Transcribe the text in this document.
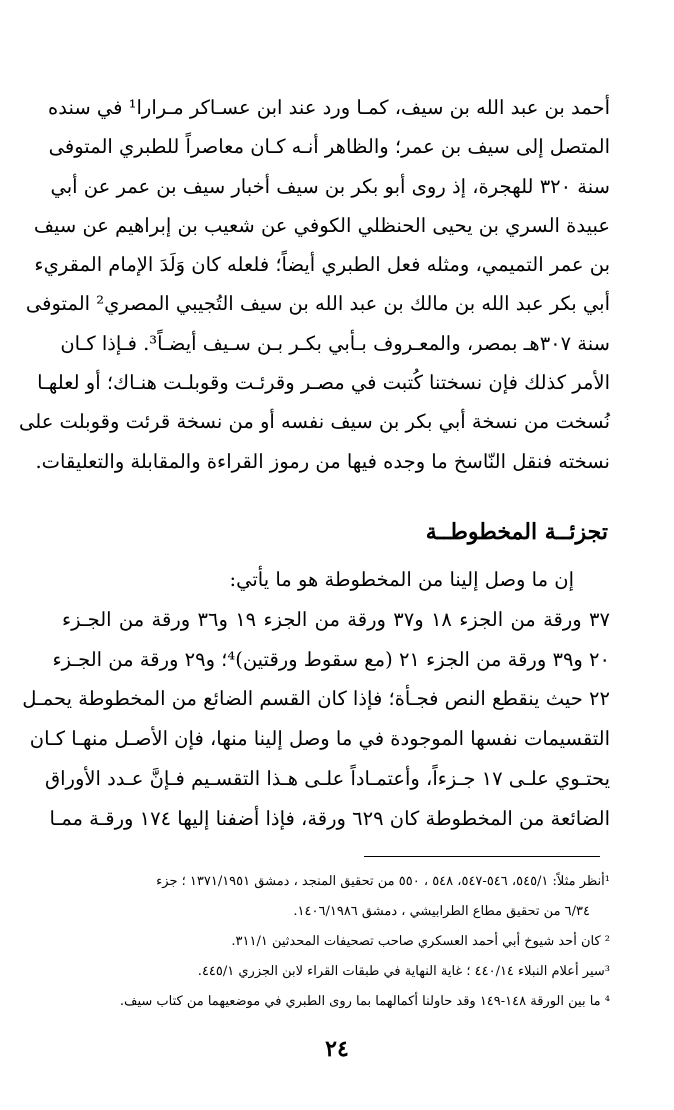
أحمد بن عبد الله بن سيف، كمـا ورد عند ابن عسـاكر مـرارا¹ في سنده
المتصل إلى سيف بن عمر؛ والظاهر أنـه كـان معاصراً للطبري المتوفى
سنة ٣٢٠ للهجرة، إذ روى أبو بكر بن سيف أخبار سيف بن عمر عن أبي
عبيدة السري بن يحيى الحنظلي الكوفي عن شعيب بن إبراهيم عن سيف
بن عمر التميمي، ومثله فعل الطبري أيضاً؛ فلعله كان وَلَدَ الإمام المقريء
أبي بكر عبد الله بن مالك بن عبد الله بن سيف التُجيبي المصري² المتوفى
سنة ٣٠٧هـ بمصر، والمعـروف بـأبي بكـر بـن سـيف أيضـاً³. فـإذا كـان
الأمر كذلك فإن نسختنا كُتبت في مصـر وقرئـت وقوبلـت هنـاك؛ أو لعلهـا
نُسخت من نسخة أبي بكر بن سيف نفسه أو من نسخة قرئت وقوبلت على
نسخته فنقل النّاسخ ما وجده فيها من رموز القراءة والمقابلة والتعليقات.
تجزئــة المخطوطــة
إن ما وصل إلينا من المخطوطة هو ما يأتي:
٣٧ ورقة من الجزء ١٨ و٣٧ ورقة من الجزء ١٩ و٣٦ ورقة من الجـزء
٢٠ و٣٩ ورقة من الجزء ٢١ (مع سقوط ورقتين)⁴؛ و٢٩ ورقة من الجـزء
٢٢ حيث ينقطع النص فجـأة؛ فإذا كان القسم الضائع من المخطوطة يحمـل
التقسيمات نفسها الموجودة في ما وصل إلينا منها، فإن الأصـل منهـا كـان
يحتـوي علـى ١٧ جـزءاً، وأعتمـاداً علـى هـذا التقسـيم فـإنَّ عـدد الأوراق
الضائعة من المخطوطة كان ٦٢٩ ورقة، فإذا أضفنا إليها ١٧٤ ورقـة ممـا
¹أنظر مثلاً: ٥٤٥/١، ٥٤٦-٥٤٧، ٥٤٨ ، ٥٥٠ من تحقيق المنجد ، دمشق ١٣٧١/١٩٥١ ؛ جزء
٦/٣٤ من تحقيق مطاع الطرابيشي ، دمشق ١٤٠٦/١٩٨٦.
² كان أحد شيوخ أبي أحمد العسكري صاحب تصحيفات المحدثين ٣١١/١.
³سير أعلام النبلاء ٤٤٠/١٤ ؛ غاية النهاية في طبقات القراء لابن الجزري ٤٤٥/١.
⁴ ما بين الورقة ١٤٨-١٤٩ وقد حاولنا أكمالهما بما روى الطبري في موضعيهما من كتاب سيف.
٢٤
